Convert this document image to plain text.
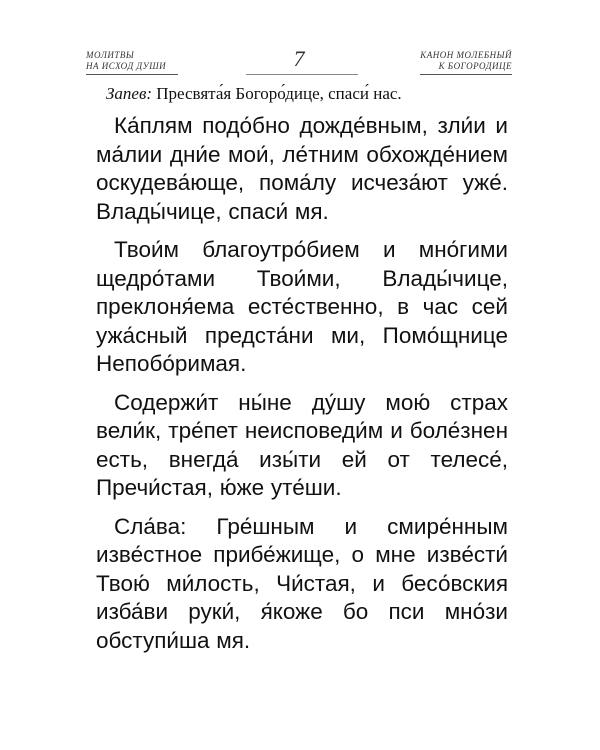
МОЛИТВЫ
НА ИСХОД ДУШИ	7	КАНОН МОЛЕБНЫЙ
К БОГОРОДИЦЕ
Запев: Пресвята́я Богоро́дице, спаси́ нас.

Ка́плям подо́бно дожде́вным, зли́и и ма́лии дни́е мои́, ле́тним обхожде́нием оскудева́юще, пома́лу исчеза́ют уже́. Влады́чице, спаси́ мя.

Твои́м благоутро́бием и мно́гими щедро́тами Твои́ми, Влады́чице, преклоня́ема есте́ственно, в час сей ужа́сный предста́ни ми, Помо́щнице Непобо́римая.

Содержи́т ны́не ду́шу мою́ страх вели́к, тре́пет неисповеди́м и боле́знен есть, внегда́ изы́ти ей от телесе́, Пречи́стая, ю́же уте́ши.

Сла́ва: Гре́шным и смире́нным изве́стное прибе́жище, о мне изве́сти́ Твою́ ми́лость, Чи́стая, и бесо́вския изба́ви руки́, я́коже бо пси мно́зи обступи́ша мя.
